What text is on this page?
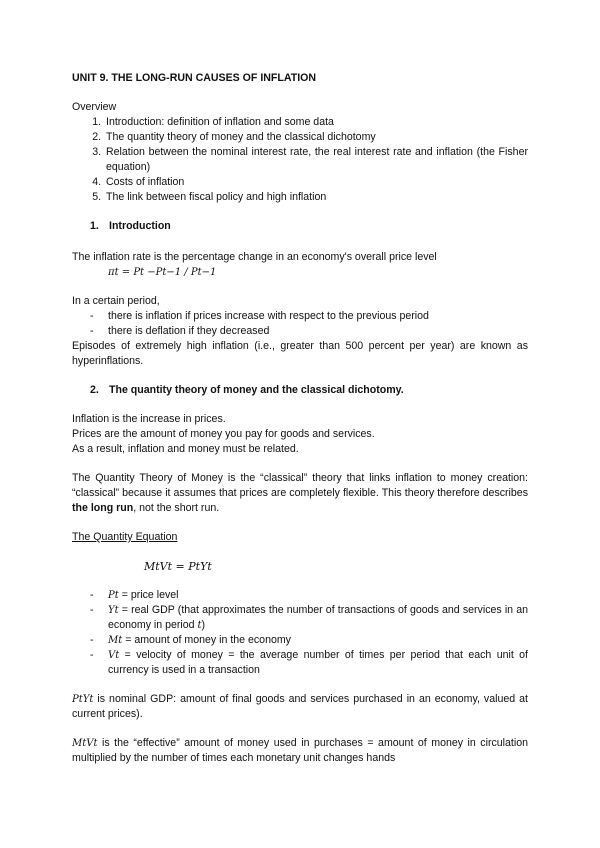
UNIT 9. THE LONG-RUN CAUSES OF INFLATION

Overview

1. Introduction: definition of inflation and some data
2. The quantity theory of money and the classical dichotomy
3. Relation between the nominal interest rate, the real interest rate and inflation (the Fisher equation)
4. Costs of inflation
5. The link between fiscal policy and high inflation

1. Introduction

The inflation rate is the percentage change in an economy's overall price level

πt = Pt −Pt−1 / Pt−1

In a certain period,

- there is inflation if prices increase with respect to the previous period
- there is deflation if they decreased

Episodes of extremely high inflation (i.e., greater than 500 percent per year) are known as hyperinflations.

2. The quantity theory of money and the classical dichotomy.

Inflation is the increase in prices.

Prices are the amount of money you pay for goods and services.

As a result, inflation and money must be related.

The Quantity Theory of Money is the “classical” theory that links inflation to money creation: “classical” because it assumes that prices are completely flexible. This theory therefore describes the long run, not the short run.

The Quantity Equation

MtVt = PtYt

- Pt = price level
- Yt = real GDP (that approximates the number of transactions of goods and services in an economy in period t)
- Mt = amount of money in the economy
- Vt = velocity of money = the average number of times per period that each unit of currency is used in a transaction

PtYt is nominal GDP: amount of final goods and services purchased in an economy, valued at current prices).

MtVt is the “effective” amount of money used in purchases = amount of money in circulation multiplied by the number of times each monetary unit changes hands
